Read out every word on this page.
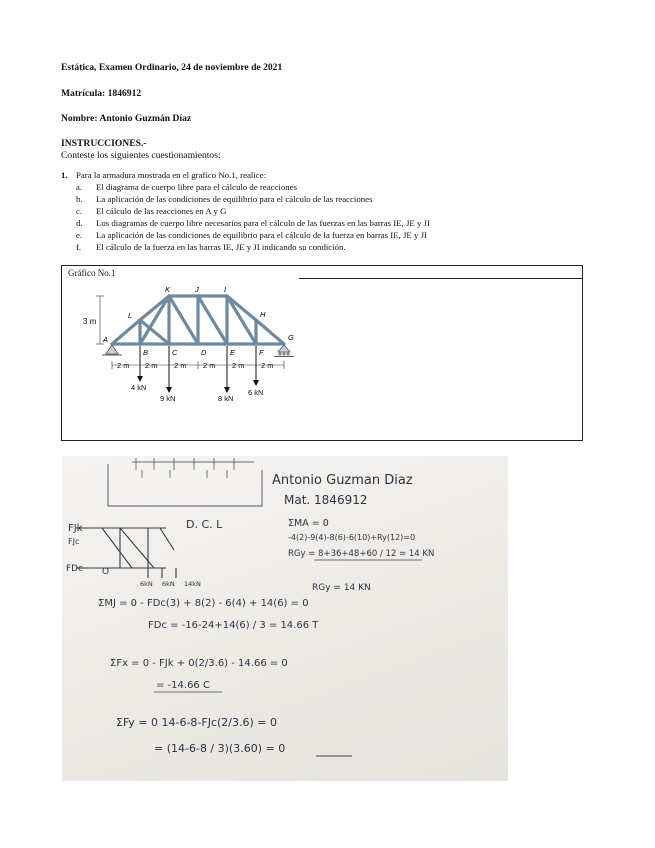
Estática, Examen Ordinario, 24 de noviembre de 2021
Matrícula: 1846912
Nombre: Antonio Guzmán Díaz
INSTRUCCIONES.-
Conteste los siguientes cuestionamientos:
1. Para la armadura mostrada en el grafico No.1, realice:
a. El diagrama de cuerpo libre para el cálculo de reacciones
b. La aplicación de las condiciones de equilibrio para el cálculo de las reacciones
c. El cálculo de las reacciones en A y G
d. Los diagramas de cuerpo libre necesarios para el cálculo de las fuerzas en las barras IE, JE y JI
e. La aplicación de las condiciones de equilibrio para el cálculo de la fuerza en barras IE, JE y JI
f. El cálculo de la fuerza en las barras IE, JE y JI indicando su condición.
Gráfico No.1
3 m
K	J	I
L	H
A	G
B	C	D	E	F
2 m 2 m 2 m 2 m 2 m 2 m
4 kN
9 kN	8 kN
6 kN
Antonio Guzman Diaz
Mat. 1846912
FJk
FJc
FDc O
6kN 6kN 14kN
D. C. L	ΣMA = 0
-4(2)-9(4)-8(6)-6(10)+Ry(12)=0
RGy = 8+36+48+60 / 12 = 14 KN
RGy = 14 KN
ΣMJ = 0 - FDc(3) + 8(2) - 6(4) + 14(6) = 0
FDc = -16-24+14(6) / 3 = 14.66 T
ΣFx = 0 - FJk + 0(2/3.6) - 14.66 = 0
= -14.66 C
ΣFy = 0 14-6-8-FJc(2/3.6) = 0
= (14-6-8 / 3)(3.60) = 0
